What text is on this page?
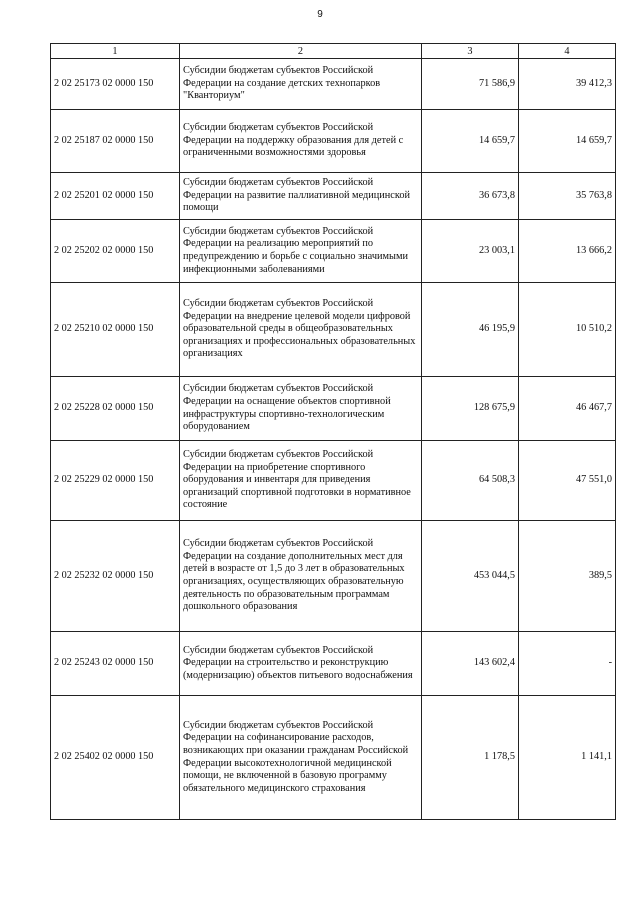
9
1	2	3	4
2 02 25173 02 0000 150	Субсидии бюджетам субъектов Российской Федерации на создание детских технопарков "Кванториум"	71 586,9	39 412,3
2 02 25187 02 0000 150	Субсидии бюджетам субъектов Российской Федерации на поддержку образования для детей с ограниченными возможностями здоровья	14 659,7	14 659,7
2 02 25201 02 0000 150	Субсидии бюджетам субъектов Российской Федерации на развитие паллиативной медицинской помощи	36 673,8	35 763,8
2 02 25202 02 0000 150	Субсидии бюджетам субъектов Российской Федерации на реализацию мероприятий по предупреждению и борьбе с социально значимыми инфекционными заболеваниями	23 003,1	13 666,2
2 02 25210 02 0000 150	Субсидии бюджетам субъектов Российской Федерации на внедрение целевой модели цифровой образовательной среды в общеобразовательных организациях и профессиональных образовательных организациях	46 195,9	10 510,2
2 02 25228 02 0000 150	Субсидии бюджетам субъектов Российской Федерации на оснащение объектов спортивной инфраструктуры спортивно-технологическим оборудованием	128 675,9	46 467,7
2 02 25229 02 0000 150	Субсидии бюджетам субъектов Российской Федерации на приобретение спортивного оборудования и инвентаря для приведения организаций спортивной подготовки в нормативное состояние	64 508,3	47 551,0
2 02 25232 02 0000 150	Субсидии бюджетам субъектов Российской Федерации на создание дополнительных мест для детей в возрасте от 1,5 до 3 лет в образовательных организациях, осуществляющих образовательную деятельность по образовательным программам дошкольного образования	453 044,5	389,5
2 02 25243 02 0000 150	Субсидии бюджетам субъектов Российской Федерации на строительство и реконструкцию (модернизацию) объектов питьевого водоснабжения	143 602,4	-
2 02 25402 02 0000 150	Субсидии бюджетам субъектов Российской Федерации на софинансирование расходов, возникающих при оказании гражданам Российской Федерации высокотехнологичной медицинской помощи, не включенной в базовую программу обязательного медицинского страхования	1 178,5	1 141,1
